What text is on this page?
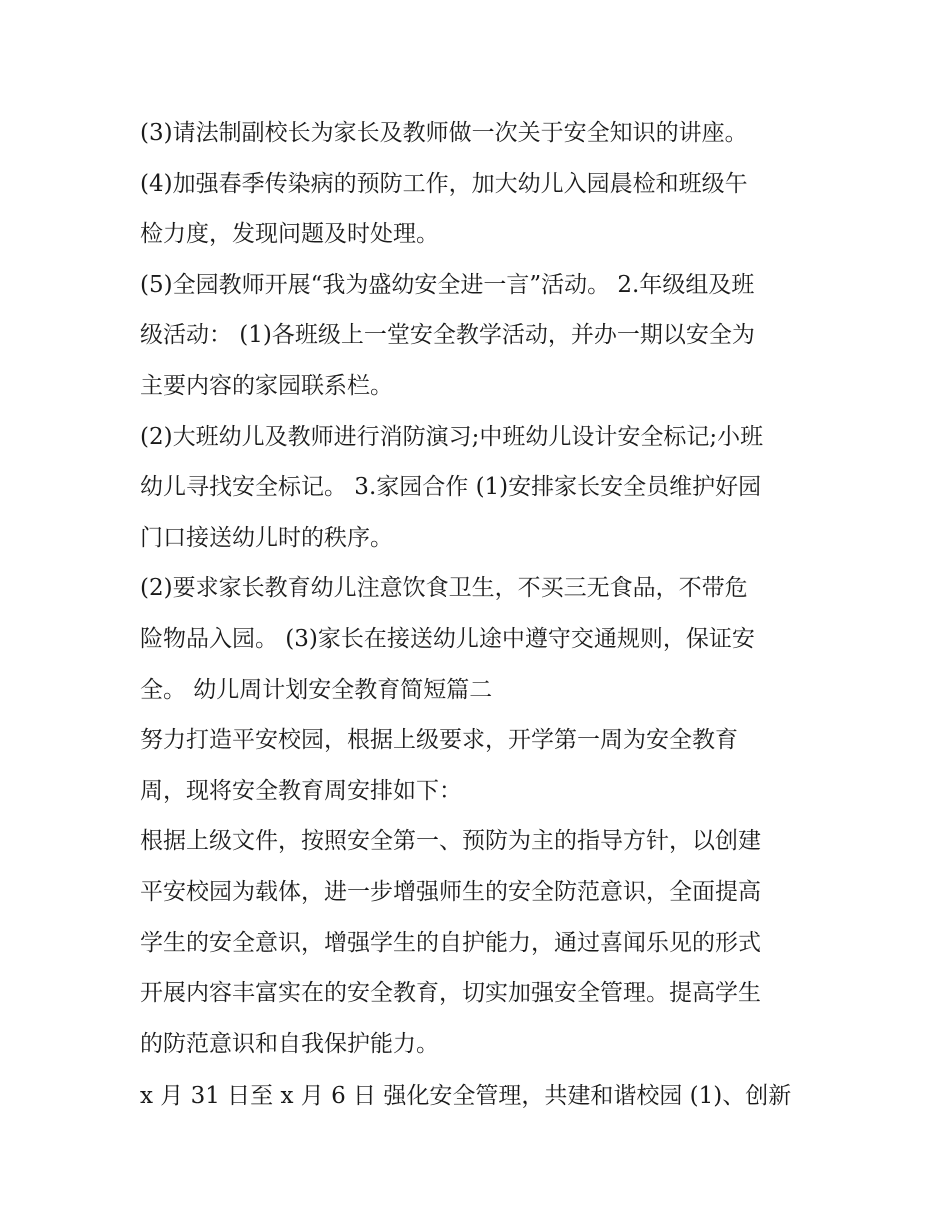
(3)请法制副校长为家长及教师做一次关于安全知识的讲座。
(4)加强春季传染病的预防工作，加大幼儿入园晨检和班级午
检力度，发现问题及时处理。
(5)全园教师开展“我为盛幼安全进一言”活动。 2.年级组及班
级活动： (1)各班级上一堂安全教学活动，并办一期以安全为
主要内容的家园联系栏。
(2)大班幼儿及教师进行消防演习;中班幼儿设计安全标记;小班
幼儿寻找安全标记。 3.家园合作 (1)安排家长安全员维护好园
门口接送幼儿时的秩序。
(2)要求家长教育幼儿注意饮食卫生，不买三无食品，不带危
险物品入园。 (3)家长在接送幼儿途中遵守交通规则，保证安
全。 幼儿周计划安全教育简短篇二
努力打造平安校园，根据上级要求，开学第一周为安全教育
周，现将安全教育周安排如下：
根据上级文件，按照安全第一、预防为主的指导方针，以创建
平安校园为载体，进一步增强师生的安全防范意识，全面提高
学生的安全意识，增强学生的自护能力，通过喜闻乐见的形式
开展内容丰富实在的安全教育，切实加强安全管理。提高学生
的防范意识和自我保护能力。
x 月 31 日至 x 月 6 日 强化安全管理，共建和谐校园 (1)、创新
